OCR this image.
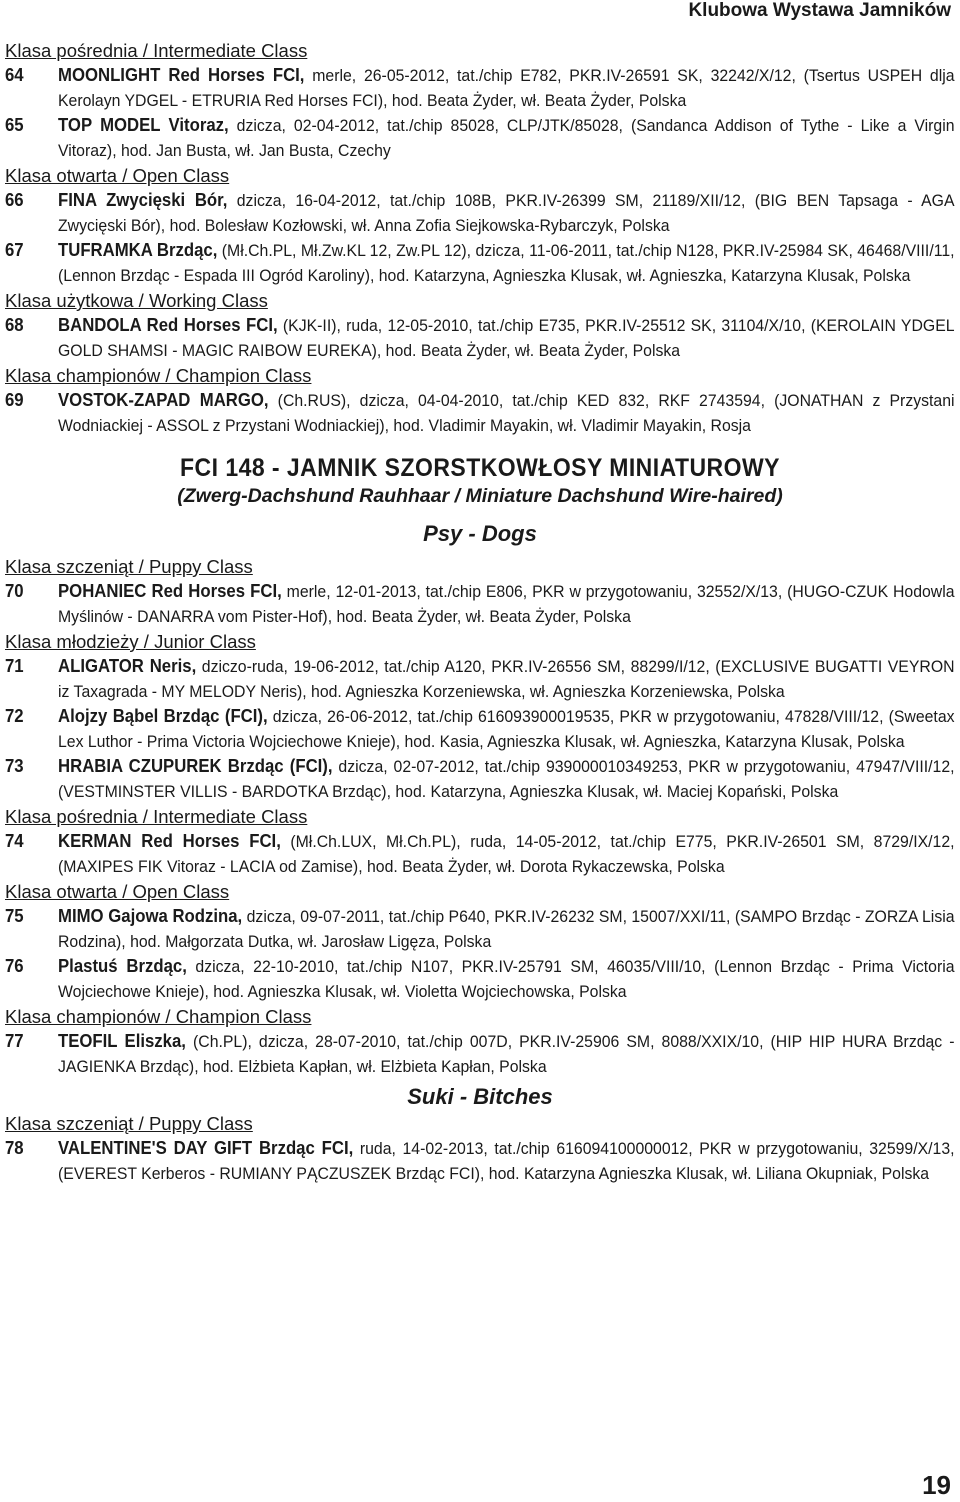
Klubowa Wystawa Jamników
Klasa pośrednia / Intermediate Class
64	MOONLIGHT Red Horses FCI, merle, 26-05-2012, tat./chip E782, PKR.IV-26591 SK, 32242/X/12, (Tsertus USPEH dlja Kerolayn YDGEL - ETRURIA Red Horses FCI), hod. Beata Żyder, wł. Beata Żyder, Polska
65	TOP MODEL Vitoraz, dzicza, 02-04-2012, tat./chip 85028, CLP/JTK/85028, (Sandanca Addison of Tythe - Like a Virgin Vitoraz), hod. Jan Busta, wł. Jan Busta, Czechy
Klasa otwarta / Open Class
66	FINA Zwycięski Bór, dzicza, 16-04-2012, tat./chip 108B, PKR.IV-26399 SM, 21189/XII/12, (BIG BEN Tapsaga - AGA Zwycięski Bór), hod. Bolesław Kozłowski, wł. Anna Zofia Siejkowska-Rybarczyk, Polska
67	TUFRAMKA Brzdąc, (Mł.Ch.PL, Mł.Zw.KL 12, Zw.PL 12), dzicza, 11-06-2011, tat./chip N128, PKR.IV-25984 SK, 46468/VIII/11, (Lennon Brzdąc - Espada III Ogród Karoliny), hod. Katarzyna, Agnieszka Klusak, wł. Agnieszka, Katarzyna Klusak, Polska
Klasa użytkowa / Working Class
68	BANDOLA Red Horses FCI, (KJK-II), ruda, 12-05-2010, tat./chip E735, PKR.IV-25512 SK, 31104/X/10, (KEROLAIN YDGEL GOLD SHAMSI - MAGIC RAIBOW EUREKA), hod. Beata Żyder, wł. Beata Żyder, Polska
Klasa championów / Champion Class
69	VOSTOK-ZAPAD MARGO, (Ch.RUS), dzicza, 04-04-2010, tat./chip KED 832, RKF 2743594, (JONATHAN z Przystani Wodniackiej - ASSOL z Przystani Wodniackiej), hod. Vladimir Mayakin, wł. Vladimir Mayakin, Rosja
FCI 148 - JAMNIK SZORSTKOWŁOSY MINIATUROWY
(Zwerg-Dachshund Rauhhaar / Miniature Dachshund Wire-haired)
Psy - Dogs
Klasa szczeniąt / Puppy Class
70	POHANIEC Red Horses FCI, merle, 12-01-2013, tat./chip E806, PKR w przygotowaniu, 32552/X/13, (HUGO-CZUK Hodowla Myślinów - DANARRA vom Pister-Hof), hod. Beata Żyder, wł. Beata Żyder, Polska
Klasa młodzieży / Junior Class
71	ALIGATOR Neris, dziczo-ruda, 19-06-2012, tat./chip A120, PKR.IV-26556 SM, 88299/I/12, (EXCLUSIVE BUGATTI VEYRON iz Taxagrada - MY MELODY Neris), hod. Agnieszka Korzeniewska, wł. Agnieszka Korzeniewska, Polska
72	Alojzy Bąbel Brzdąc (FCI), dzicza, 26-06-2012, tat./chip 616093900019535, PKR w przygotowaniu, 47828/VIII/12, (Sweetax Lex Luthor - Prima Victoria Wojciechowe Knieje), hod. Kasia, Agnieszka Klusak, wł. Agnieszka, Katarzyna Klusak, Polska
73	HRABIA CZUPUREK Brzdąc (FCI), dzicza, 02-07-2012, tat./chip 939000010349253, PKR w przygotowaniu, 47947/VIII/12, (VESTMINSTER VILLIS - BARDOTKA Brzdąc), hod. Katarzyna, Agnieszka Klusak, wł. Maciej Kopański, Polska
Klasa pośrednia / Intermediate Class
74	KERMAN Red Horses FCI, (Mł.Ch.LUX, Mł.Ch.PL), ruda, 14-05-2012, tat./chip E775, PKR.IV-26501 SM, 8729/IX/12, (MAXIPES FIK Vitoraz - LACIA od Zamise), hod. Beata Żyder, wł. Dorota Rykaczewska, Polska
Klasa otwarta / Open Class
75	MIMO Gajowa Rodzina, dzicza, 09-07-2011, tat./chip P640, PKR.IV-26232 SM, 15007/XXI/11, (SAMPO Brzdąc - ZORZA Lisia Rodzina), hod. Małgorzata Dutka, wł. Jarosław Ligęza, Polska
76	Plastuś Brzdąc, dzicza, 22-10-2010, tat./chip N107, PKR.IV-25791 SM, 46035/VIII/10, (Lennon Brzdąc - Prima Victoria Wojciechowe Knieje), hod. Agnieszka Klusak, wł. Violetta Wojciechowska, Polska
Klasa championów / Champion Class
77	TEOFIL Eliszka, (Ch.PL), dzicza, 28-07-2010, tat./chip 007D, PKR.IV-25906 SM, 8088/XXIX/10, (HIP HIP HURA Brzdąc - JAGIENKA Brzdąc), hod. Elżbieta Kapłan, wł. Elżbieta Kapłan, Polska
Suki - Bitches
Klasa szczeniąt / Puppy Class
78	VALENTINE'S DAY GIFT Brzdąc FCI, ruda, 14-02-2013, tat./chip 616094100000012, PKR w przygotowaniu, 32599/X/13, (EVEREST Kerberos - RUMIANY PĄCZUSZEK Brzdąc FCI), hod. Katarzyna Agnieszka Klusak, wł. Liliana Okupniak, Polska
19
